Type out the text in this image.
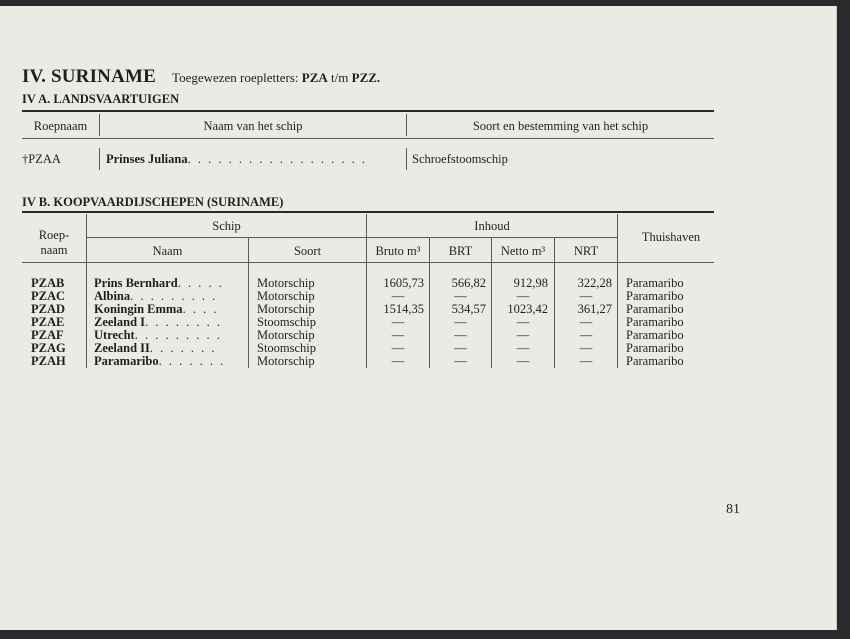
IV. SURINAME Toegewezen roepletters: PZA t/m PZZ.
IV A. LANDSVAARTUIGEN
Roepnaam	Naam van het schip	Soort en bestemming van het schip
†PZAA	Prinses Juliana. . . . . . . . . . . . . . . . . .	Schroefstoomschip
IV B. KOOPVAARDIJSCHEPEN (SURINAME)
Roep-
naam
Schip	Inhoud
Thuishaven
Naam	Soort	Bruto m³	BRT	Netto m³	NRT
PZAB Prins Bernhard. . . . .	Motorschip	1605,73	566,82	912,98	322,28 Paramaribo
PZAC Albina. . . . . . . . .	Motorschip	—	—	—	—	Paramaribo
PZAD Koningin Emma. . . .	Motorschip	1514,35	534,57	1023,42	361,27 Paramaribo
PZAE Zeeland I. . . . . . . .	Stoomschip	—	—	—	—	Paramaribo
PZAF Utrecht. . . . . . . . .	Motorschip	—	—	—	—	Paramaribo
PZAG Zeeland II. . . . . . .	Stoomschip	—	—	—	—	Paramaribo
PZAH Paramaribo. . . . . . .	Motorschip	—	—	—	—	Paramaribo
81
